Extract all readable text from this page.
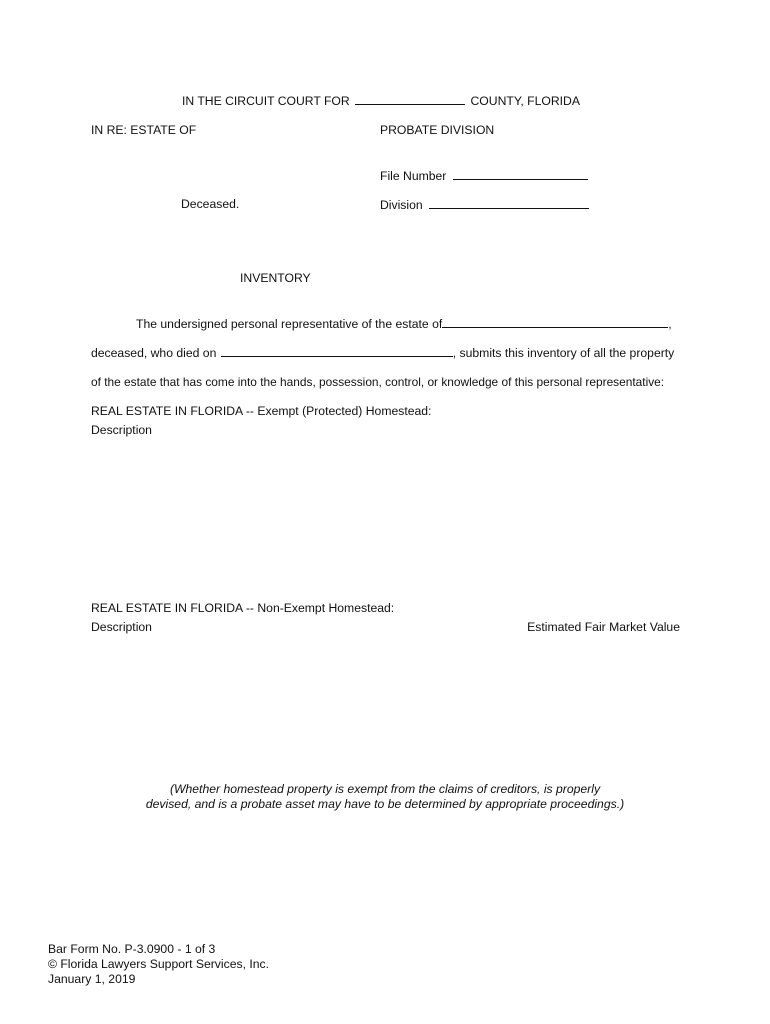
IN THE CIRCUIT COURT FOR	COUNTY, FLORIDA
IN RE: ESTATE OF	PROBATE DIVISION
File Number
Deceased.	Division
INVENTORY
The undersigned personal representative of the estate of	,
deceased, who died on	, submits this inventory of all the property
of the estate that has come into the hands, possession, control, or knowledge of this personal representative:
REAL ESTATE IN FLORIDA -- Exempt (Protected) Homestead:
Description
REAL ESTATE IN FLORIDA -- Non-Exempt Homestead:
Description	Estimated Fair Market Value
(Whether homestead property is exempt from the claims of creditors, is properly
devised, and is a probate asset may have to be determined by appropriate proceedings.)
Bar Form No. P-3.0900 - 1 of 3
© Florida Lawyers Support Services, Inc.
January 1, 2019
